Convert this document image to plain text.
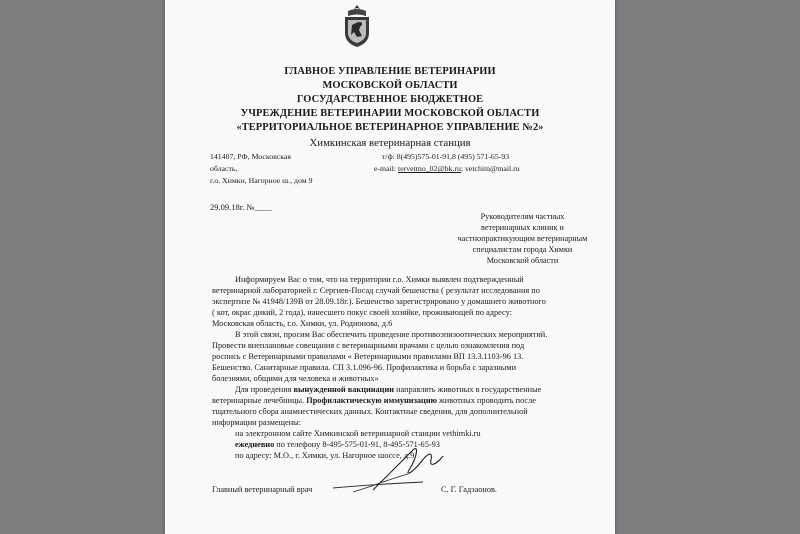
ГЛАВНОЕ УПРАВЛЕНИЕ ВЕТЕРИНАРИИ
МОСКОВСКОЙ ОБЛАСТИ
ГОСУДАРСТВЕННОЕ БЮДЖЕТНОЕ
УЧРЕЖДЕНИЕ ВЕТЕРИНАРИИ МОСКОВСКОЙ ОБЛАСТИ
«ТЕРРИТОРИАЛЬНОЕ ВЕТЕРИНАРНОЕ УПРАВЛЕНИЕ №2»
Химкинская ветеринарная станция
141407, РФ, Московская
область,
г.о. Химки, Нагорное ш., дом 9
т/ф: 8(495)575-01-91,8 (495) 571-65-93
e-mail: tervetmo_02@bk.ru; vetchim@mail.ru
29.09.18г. №____
Руководителям частных
ветеринарных клиник и
частнопрактикующим ветеринарным
специалистам города Химки
Московской области
Информируем Вас о том, что на территории г.о. Химки выявлен подтвержденный
ветеринарной лабораторией г. Сергиев-Посад случай бешенства ( результат исследования по
экспертизе № 41948/139В от 28.09.18г.). Бешенство зарегистрировано у домашнего животного
( кот, окрас дикий, 2 года), нанесшего покус своей хозяйке, проживающей по адресу:
Московская область, г.о. Химки, ул. Родионова, д.6
В этой связи, просим Вас обеспечить проведение противоэпизоотических мероприятий.
Провести внеплановые совещания с ветеринарными врачами с целью ознакомления под
роспись с Ветеринарными правилами « Ветеринарными правилами ВП 13.3.1103-96 13.
Бешенство. Санитарные правила. СП 3.1.096-96. Профилактика и борьба с заразными
болезнями, общими для человека и животных»
Для проведения вынужденной вакцинации направлять животных в государственные
ветеринарные лечебницы. Профилактическую иммунизацию животных проводить после
тщательного сбора анамнестических данных. Контактные сведения, для дополнительной
информации размещены:
на электронном сайте Химкинской ветеринарной станции vethimki.ru
ежедневно по телефону 8-495-575-01-91, 8-495-571-65-93
по адресу: М.О., г. Химки, ул. Нагорное шоссе, д.9
Главный ветеринарный врач	С. Г. Гадзаонов.
